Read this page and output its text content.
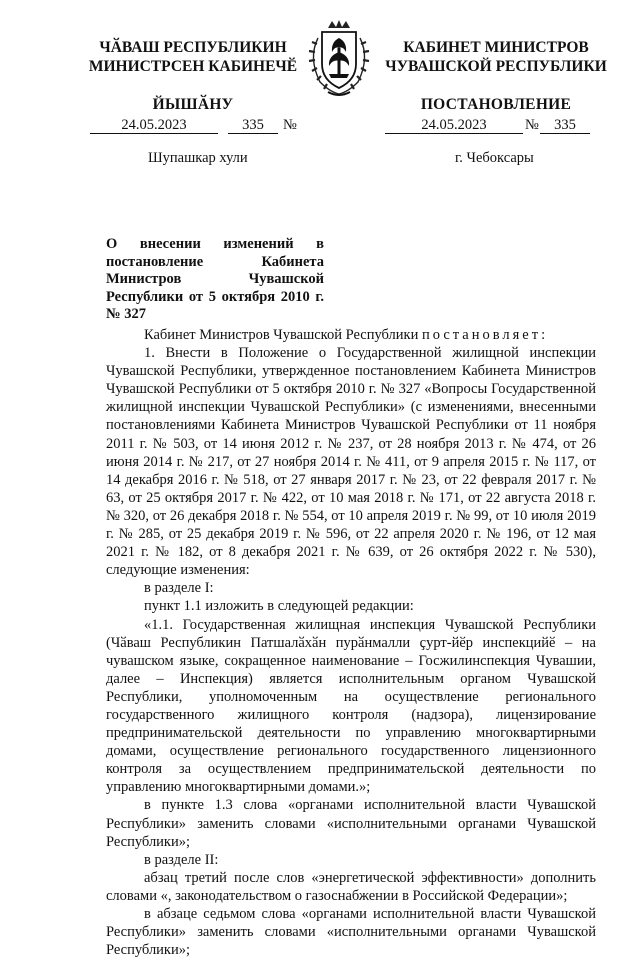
ЧӐВАШ РЕСПУБЛИКИН МИНИСТРСЕН КАБИНЕЧӖ
ЙЫШӐНУ
КАБИНЕТ МИНИСТРОВ ЧУВАШСКОЙ РЕСПУБЛИКИ
ПОСТАНОВЛЕНИЕ
24.05.2023	335	№	24.05.2023	№	335
Шупашкар хули	г. Чебоксары
О внесении изменений в постановление Кабинета Министров Чувашской Республики от 5 октября 2010 г. № 327

Кабинет Министров Чувашской Республики постановляет:

1. Внести в Положение о Государственной жилищной инспекции Чувашской Республики, утвержденное постановлением Кабинета Министров Чувашской Республики от 5 октября 2010 г. № 327 «Вопросы Государственной жилищной инспекции Чувашской Республики» (с изменениями, внесенными постановлениями Кабинета Министров Чувашской Республики от 11 ноября 2011 г. № 503, от 14 июня 2012 г. № 237, от 28 ноября 2013 г. № 474, от 26 июня 2014 г. № 217, от 27 ноября 2014 г. № 411, от 9 апреля 2015 г. № 117, от 14 декабря 2016 г. № 518, от 27 января 2017 г. № 23, от 22 февраля 2017 г. № 63, от 25 октября 2017 г. № 422, от 10 мая 2018 г. № 171, от 22 августа 2018 г. № 320, от 26 декабря 2018 г. № 554, от 10 апреля 2019 г. № 99, от 10 июля 2019 г. № 285, от 25 декабря 2019 г. № 596, от 22 апреля 2020 г. № 196, от 12 мая 2021 г. № 182, от 8 декабря 2021 г. № 639, от 26 октября 2022 г. № 530), следующие изменения:

в разделе I:

пункт 1.1 изложить в следующей редакции:

«1.1. Государственная жилищная инспекция Чувашской Республики (Чӑваш Республикин Патшалӑхӑн пурӑнмалли ҫурт-йӗр инспекцийӗ – на чувашском языке, сокращенное наименование – Госжилинспекция Чувашии, далее – Инспекция) является исполнительным органом Чувашской Республики, уполномоченным на осуществление регионального государственного жилищного контроля (надзора), лицензирование предпринимательской деятельности по управлению многоквартирными домами, осуществление регионального государственного лицензионного контроля за осуществлением предпринимательской деятельности по управлению многоквартирными домами.»;

в пункте 1.3 слова «органами исполнительной власти Чувашской Республики» заменить словами «исполнительными органами Чувашской Республики»;

в разделе II:

абзац третий после слов «энергетической эффективности» дополнить словами «, законодательством о газоснабжении в Российской Федерации»;

в абзаце седьмом слова «органами исполнительной власти Чувашской Республики» заменить словами «исполнительными органами Чувашской Республики»;
